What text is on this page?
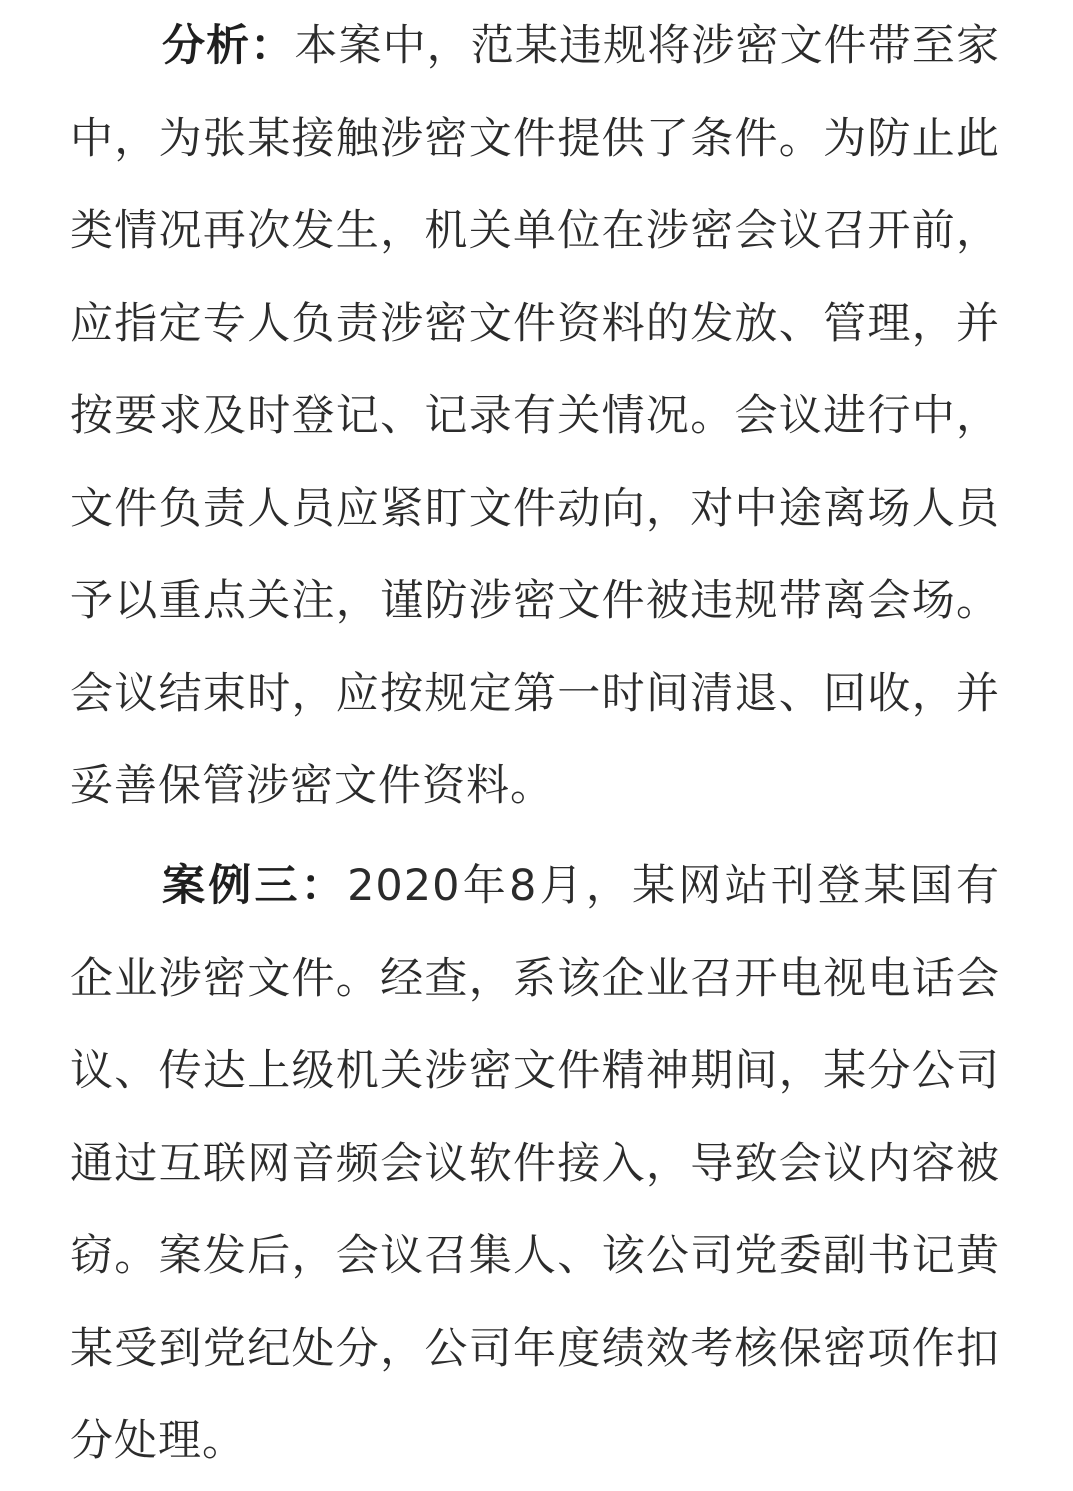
分析：本案中，范某违规将涉密文件带至家中，为张某接触涉密文件提供了条件。为防止此类情况再次发生，机关单位在涉密会议召开前，应指定专人负责涉密文件资料的发放、管理，并按要求及时登记、记录有关情况。会议进行中，文件负责人员应紧盯文件动向，对中途离场人员予以重点关注，谨防涉密文件被违规带离会场。会议结束时，应按规定第一时间清退、回收，并妥善保管涉密文件资料。

案例三：2020年8月，某网站刊登某国有企业涉密文件。经查，系该企业召开电视电话会议、传达上级机关涉密文件精神期间，某分公司通过互联网音频会议软件接入，导致会议内容被窃。案发后，会议召集人、该公司党委副书记黄某受到党纪处分，公司年度绩效考核保密项作扣分处理。
